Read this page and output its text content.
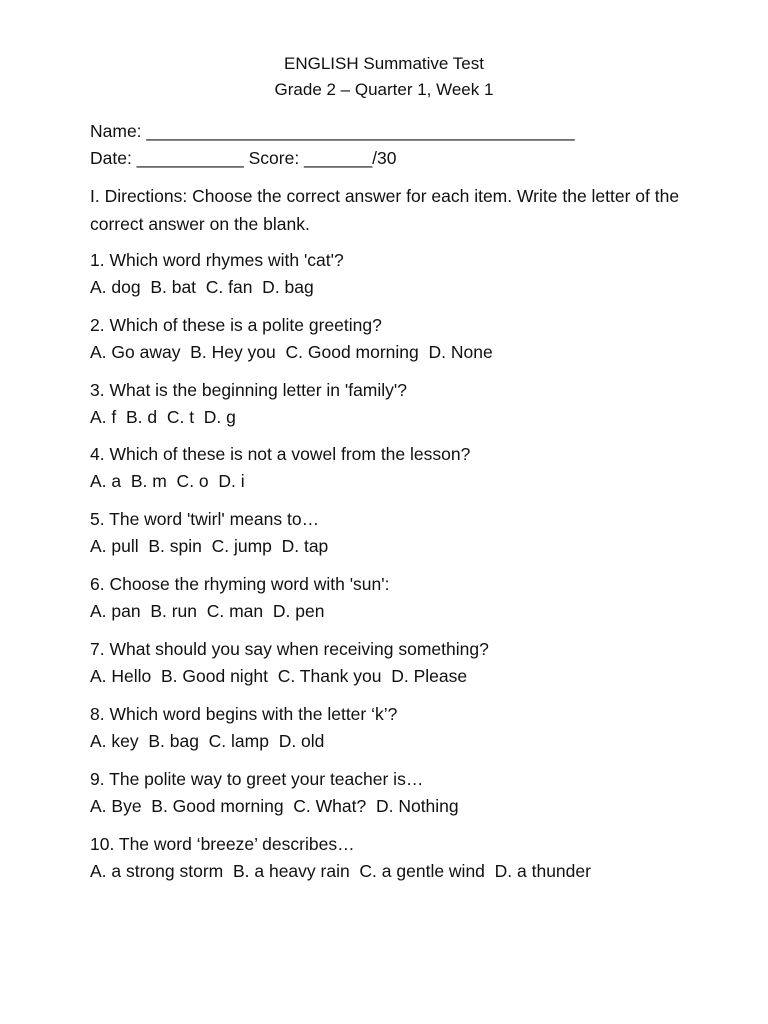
ENGLISH Summative Test
Grade 2 – Quarter 1, Week 1
Name: ____________________________________________
Date: ___________ Score: _______/30
I. Directions: Choose the correct answer for each item. Write the letter of the correct answer on the blank.
1. Which word rhymes with 'cat'?
A. dog  B. bat  C. fan  D. bag
2. Which of these is a polite greeting?
A. Go away  B. Hey you  C. Good morning  D. None
3. What is the beginning letter in 'family'?
A. f  B. d  C. t  D. g
4. Which of these is not a vowel from the lesson?
A. a  B. m  C. o  D. i
5. The word 'twirl' means to…
A. pull  B. spin  C. jump  D. tap
6. Choose the rhyming word with 'sun':
A. pan  B. run  C. man  D. pen
7. What should you say when receiving something?
A. Hello  B. Good night  C. Thank you  D. Please
8. Which word begins with the letter ‘k’?
A. key  B. bag  C. lamp  D. old
9. The polite way to greet your teacher is…
A. Bye  B. Good morning  C. What?  D. Nothing
10. The word ‘breeze’ describes…
A. a strong storm  B. a heavy rain  C. a gentle wind  D. a thunder
